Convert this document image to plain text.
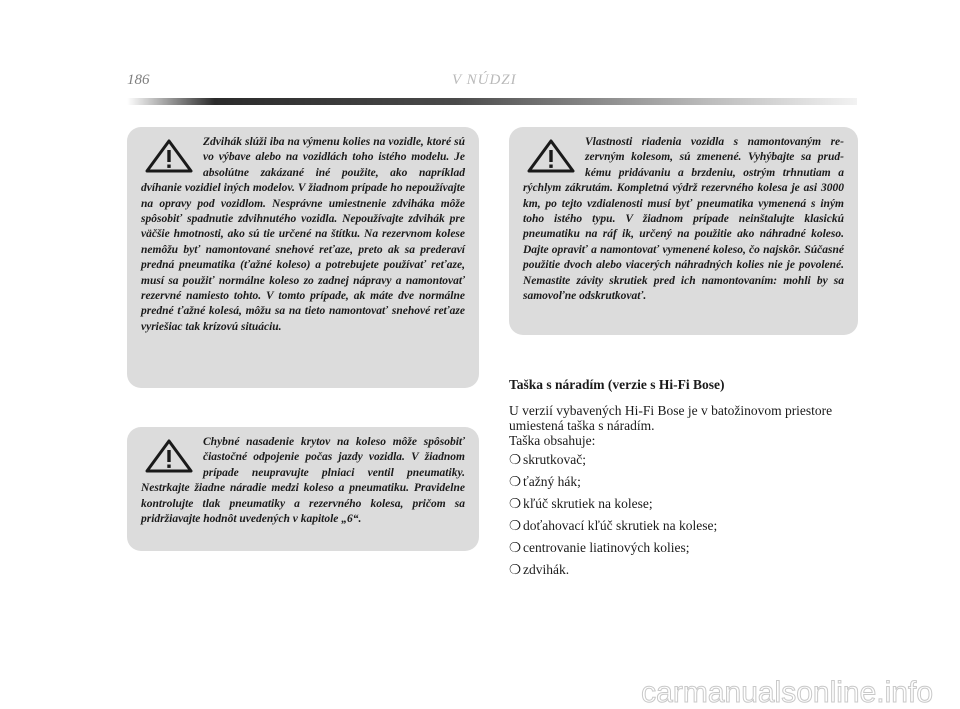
186	V NÚDZI

Zdvihák slúži iba na výmenu kolies na vozidle, ktoré sú vo výbave alebo na vozidlách toho istého modelu. Je absolútne zakázané iné použite, ako napríklad dvíhanie vozidiel iných modelov. V žiadnom prípade ho nepoužívajte na opravy pod vozidlom. Nesprávne umiestnenie zdviháka môže spôsobiť spadnutie zdvihnutého vozidla. Nepoužívajte zdvihák pre väčšie hmotnosti, ako sú tie určené na štítku. Na rezervnom kolese nemôžu byť namontované snehové reťaze, preto ak sa prederaví predná pneumatika (ťažné koleso) a potrebujete používať reťaze, musí sa použiť normálne koleso zo zadnej nápravy a namontovať rezervné namiesto tohto. V tomto prípade, ak máte dve normálne predné ťažné kolesá, môžu sa na tieto namontovať snehové reťaze vyriešiac tak krízovú situáciu.

Chybné nasadenie krytov na koleso môže spôsobiť čiastočné odpojenie počas jazdy vozidla. V žiadnom prípade neupravujte plniaci ventil pneumatiky. Nestrkajte žiadne náradie medzi koleso a pneumatiku. Pravidelne kontrolujte tlak pneumatiky a rezervného kolesa, pričom sa pridržiavajte hodnôt uvedených v kapitole „6“.

Vlastnosti riadenia vozidla s namontovaným rezervným kolesom, sú zmenené. Vyhýbajte sa prudkému pridávaniu a brzdeniu, ostrým trhnutiam a rýchlym zákrutám. Kompletná výdrž rezervného kolesa je asi 3000 km, po tejto vzdialenosti musí byť pneumatika vymenená s iným toho istého typu. V žiadnom prípade neinštalujte klasickú pneumatiku na ráf ik, určený na použitie ako náhradné koleso. Dajte opraviť a namontovať vymenené koleso, čo najskôr. Súčasné použitie dvoch alebo viacerých náhradných kolies nie je povolené. Nemastite závity skrutiek pred ich namontovaním: mohli by sa samovoľne odskrutkovať.

Taška s náradím (verzie s Hi-Fi Bose)

U verzií vybavených Hi-Fi Bose je v batožinovom priestore umiestená taška s náradím.

Taška obsahuje:

❍ skrutkovač;
❍ ťažný hák;
❍ kľúč skrutiek na kolese;
❍ doťahovací kľúč skrutiek na kolese;
❍ centrovanie liatinových kolies;
❍ zdvihák.
carmanualsonline.info
